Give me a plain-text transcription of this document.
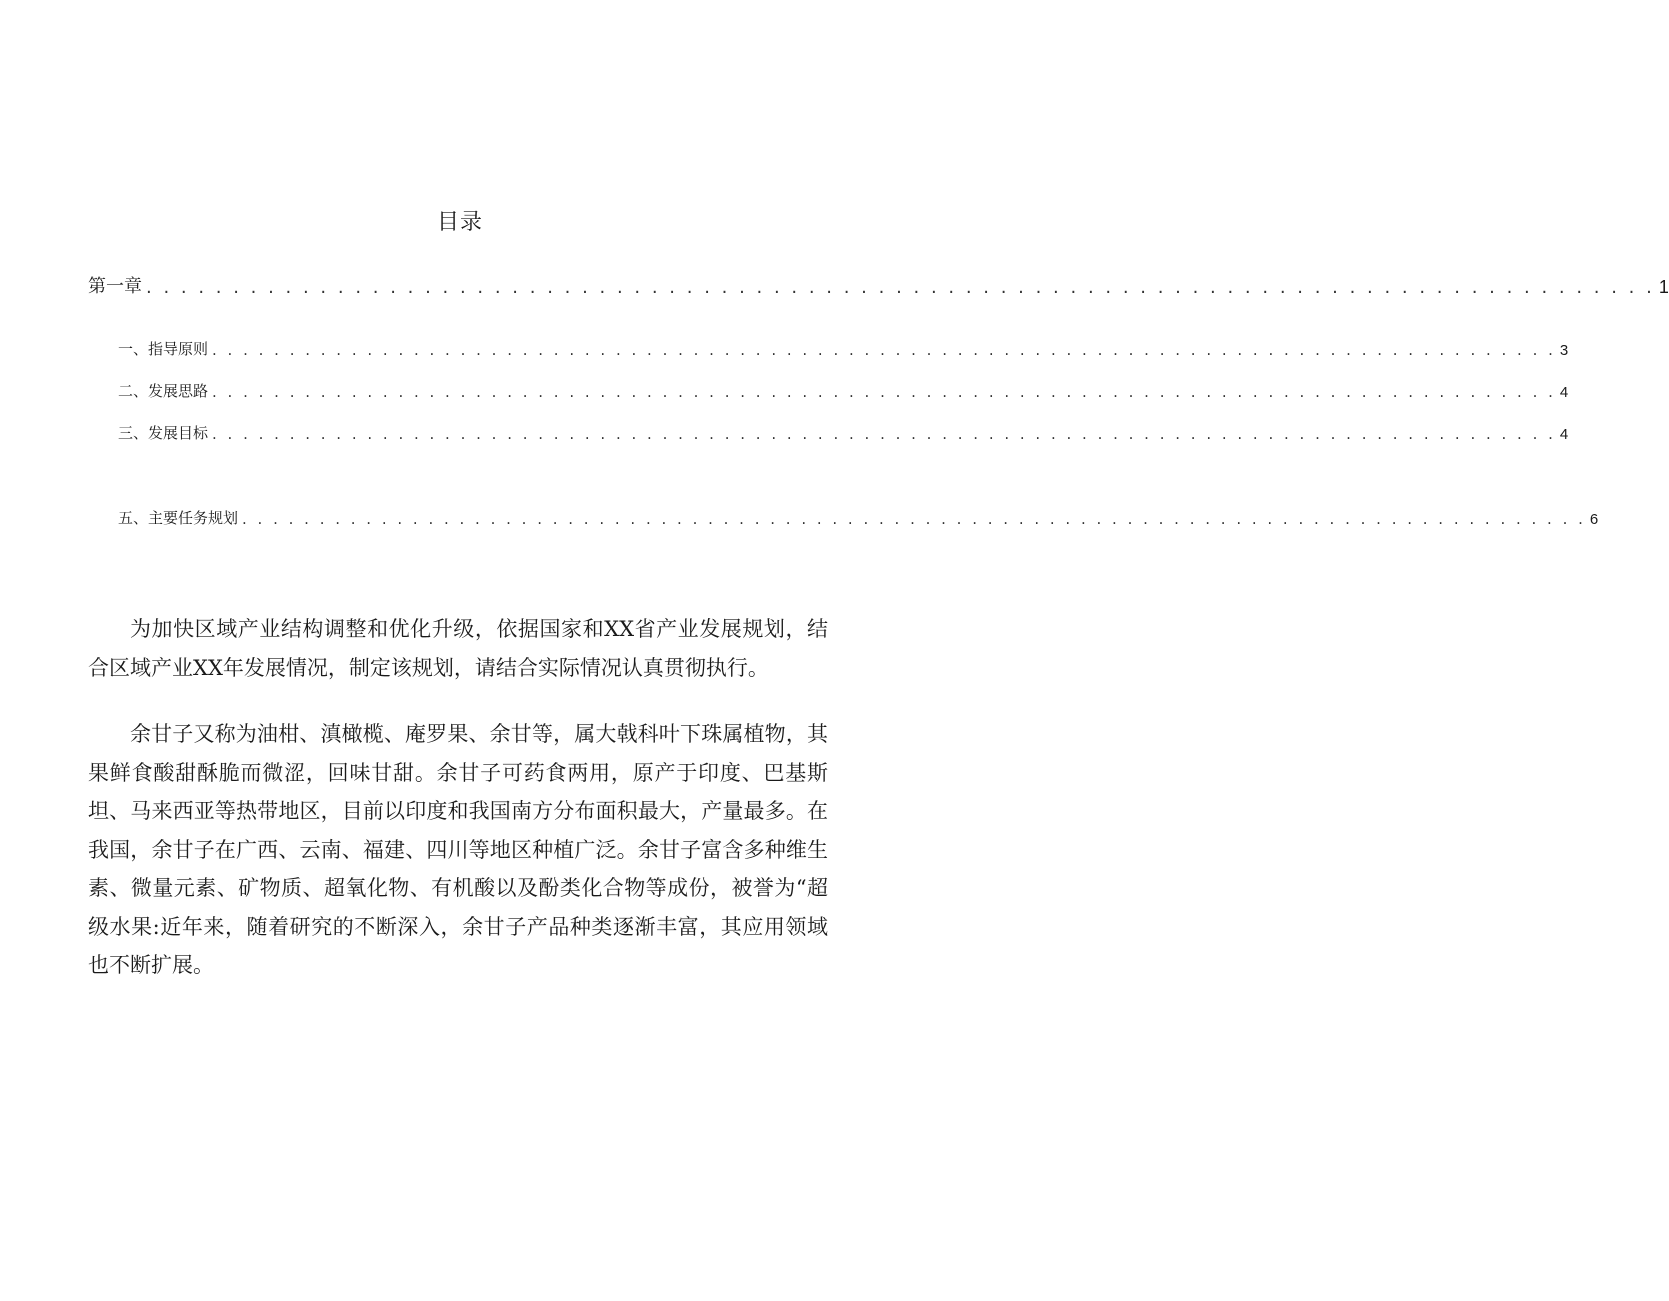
目录
第一章 . . . . . . . . . . . . . . . . . . . . . . . . . . . . . . . . . . . . . . . . . . . . . . . . . . . . . . . . . . . . . . . . . . . . . . . . . . . . . . . . . . . . . . . 1
一、指导原则 . . . . . . . . . . . . . . . . . . . . . . . . . . . . . . . . . . . . . . . . . . . . . . . . . . . . . . . . . . . . . . . . . . . . . . . . . . . . . . . . . . . . . . . 3
二、发展思路 . . . . . . . . . . . . . . . . . . . . . . . . . . . . . . . . . . . . . . . . . . . . . . . . . . . . . . . . . . . . . . . . . . . . . . . . . . . . . . . . . . . . . . . 4
三、发展目标 . . . . . . . . . . . . . . . . . . . . . . . . . . . . . . . . . . . . . . . . . . . . . . . . . . . . . . . . . . . . . . . . . . . . . . . . . . . . . . . . . . . . . . . 4
五、主要任务规划 . . . . . . . . . . . . . . . . . . . . . . . . . . . . . . . . . . . . . . . . . . . . . . . . . . . . . . . . . . . . . . . . . . . . . . . . . . . . . . . . . . . . . . . 6

为加快区域产业结构调整和优化升级，依据国家和XX省产业发展规划，结合区域产业XX年发展情况，制定该规划，请结合实际情况认真贯彻执行。

余甘子又称为油柑、滇橄榄、庵罗果、余甘等，属大戟科叶下珠属植物，其果鲜食酸甜酥脆而微涩，回味甘甜。余甘子可药食两用，原产于印度、巴基斯坦、马来西亚等热带地区，目前以印度和我国南方分布面积最大，产量最多。在我国，余甘子在广西、云南、福建、四川等地区种植广泛。余甘子富含多种维生素、微量元素、矿物质、超氧化物、有机酸以及酚类化合物等成份，被誉为“超级水果:近年来，随着研究的不断深入，余甘子产品种类逐渐丰富，其应用领域也不断扩展。
